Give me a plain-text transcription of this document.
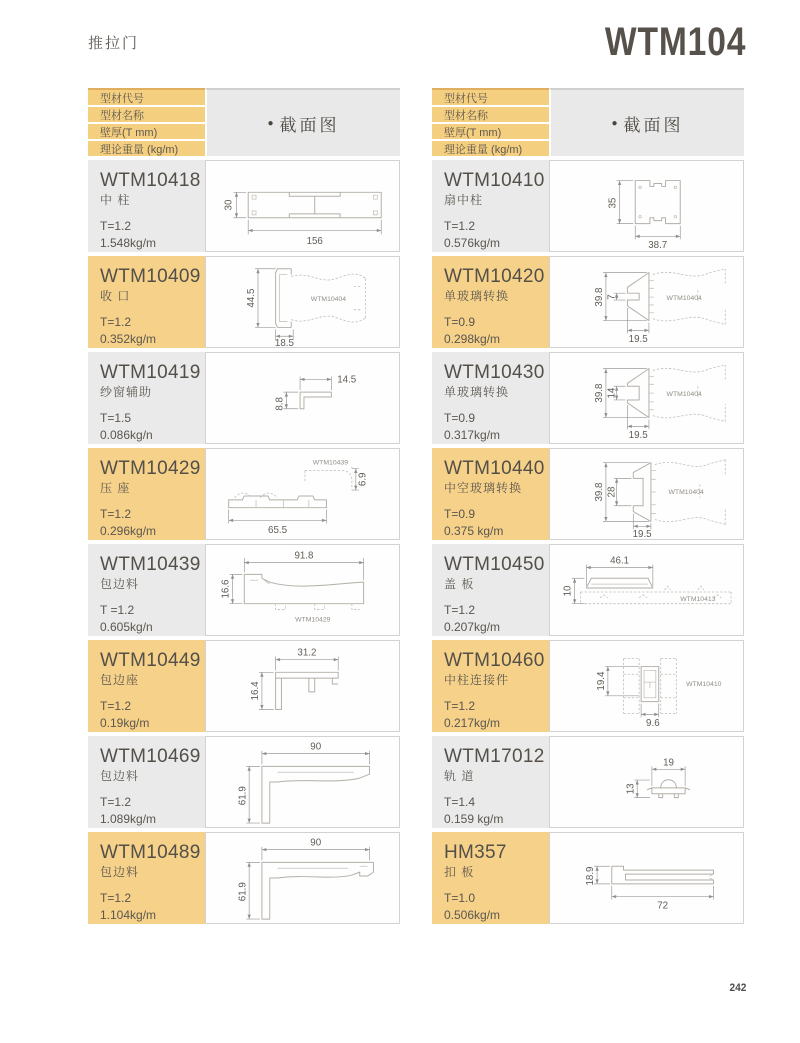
推拉门	WTM104
型材代号
型材名称
壁厚(T mm)
理论重量 (kg/m)
● 截面图
WTM10418
中 柱
T=1.2
1.548kg/m
30
156
WTM10409
收 口
T=1.2
0.352kg/m
WTM10404
44.5
18.5
WTM10419
纱窗辅助
T=1.5
0.086kg/n
14.5
8.8
WTM10429
压 座
T=1.2
0.296kg/m
WTM10439
65.5
6.9
WTM10439
包边料
T =1.2
0.605kg/n
WTM10429
91.8
16.6
WTM10449
包边座
T=1.2
0.19kg/m
31.2
16.4
WTM10469
包边料
T=1.2
1.089kg/m
90
61.9
WTM10489
包边料
T=1.2
1.104kg/m
90
61.9
型材代号
型材名称
壁厚(T mm)
理论重量 (kg/m)
● 截面图
WTM10410
扇中柱
T=1.2
0.576kg/m
35
38.7
WTM10420
单玻璃转换
T=0.9
0.298kg/m
WTM10404
39.8 7
19.5
WTM10430
单玻璃转换
T=0.9
0.317kg/m
WTM10404
39.8 14
19.5
WTM10440
中空玻璃转换
T=0.9
0.375 kg/m
WTM10404
39.8 28
19.5
WTM10450
盖 板
T=1.2
0.207kg/m
WTM10413
46.1
10
WTM10460
中柱连接件
T=1.2
0.217kg/m
WTM10410
19.4
9.6
WTM17012
轨 道
T=1.4
0.159 kg/m
19
13
HM357
扣 板
T=1.0
0.506kg/m
18.9
72
242
